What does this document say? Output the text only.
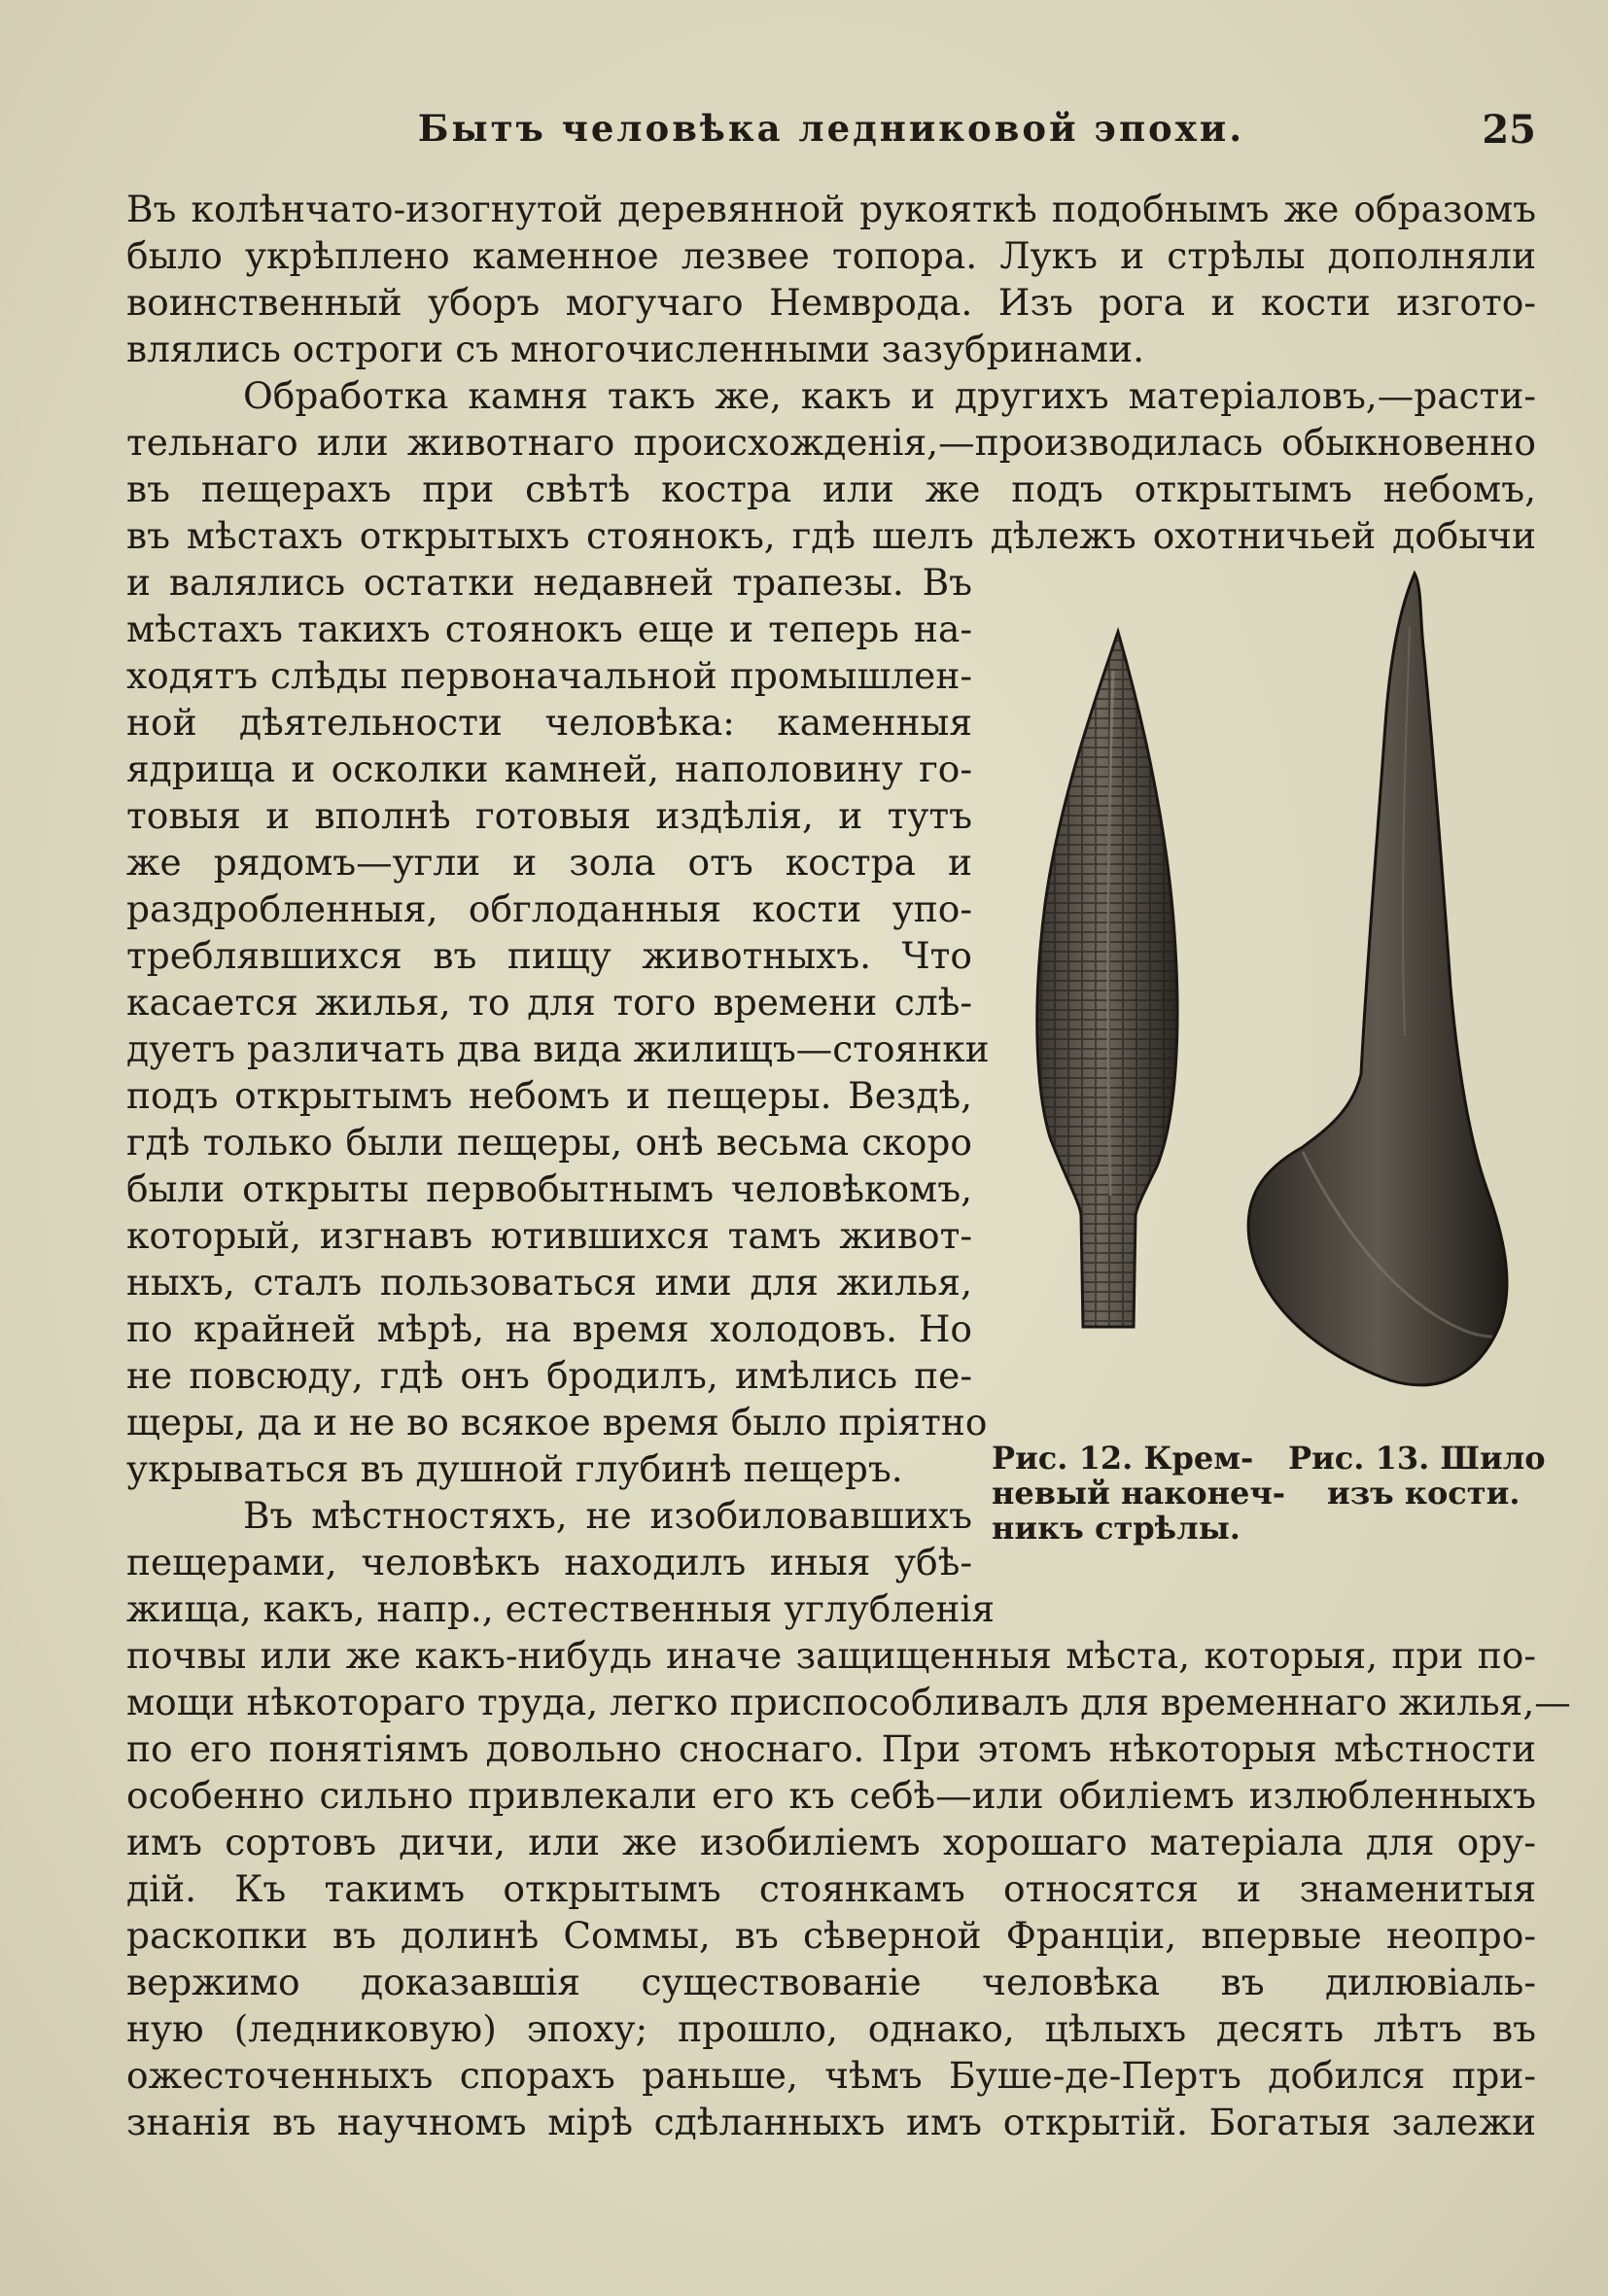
Бытъ человѣка ледниковой эпохи.	25
Въ колѣнчато-изогнутой деревянной рукояткѣ подобнымъ же образомъ
было укрѣплено каменное лезвее топора. Лукъ и стрѣлы дополняли
воинственный уборъ могучаго Немврода. Изъ рога и кости изгото-
влялись остроги съ многочисленными зазубринами.
Обработка камня такъ же, какъ и другихъ матеріаловъ,—расти-
тельнаго или животнаго происхожденія,—производилась обыкновенно
въ пещерахъ при свѣтѣ костра или же подъ открытымъ небомъ,
въ мѣстахъ открытыхъ стоянокъ, гдѣ шелъ дѣлежъ охотничьей добычи
и валялись остатки недавней трапезы. Въ
мѣстахъ такихъ стоянокъ еще и теперь на-
ходятъ слѣды первоначальной промышлен-
ной дѣятельности человѣка: каменныя
ядрища и осколки камней, наполовину го-
товыя и вполнѣ готовыя издѣлія, и тутъ
же рядомъ—угли и зола отъ костра и
раздробленныя, обглоданныя кости упо-
треблявшихся въ пищу животныхъ. Что
касается жилья, то для того времени слѣ-
дуетъ различать два вида жилищъ—стоянки
подъ открытымъ небомъ и пещеры. Вездѣ,
гдѣ только были пещеры, онѣ весьма скоро
были открыты первобытнымъ человѣкомъ,
который, изгнавъ ютившихся тамъ живот-
ныхъ, сталъ пользоваться ими для жилья,
по крайней мѣрѣ, на время холодовъ. Но
не повсюду, гдѣ онъ бродилъ, имѣлись пе-
щеры, да и не во всякое время было пріятно
укрываться въ душной глубинѣ пещеръ.
Въ мѣстностяхъ, не изобиловавшихъ
пещерами, человѣкъ находилъ иныя убѣ-
жища, какъ, напр., естественныя углубленія
почвы или же какъ-нибудь иначе защищенныя мѣста, которыя, при по-
мощи нѣкотораго труда, легко приспособливалъ для временнаго жилья,—
по его понятіямъ довольно сноснаго. При этомъ нѣкоторыя мѣстности
особенно сильно привлекали его къ себѣ—или обиліемъ излюбленныхъ
имъ сортовъ дичи, или же изобиліемъ хорошаго матеріала для ору-
дій. Къ такимъ открытымъ стоянкамъ относятся и знаменитыя
раскопки въ долинѣ Соммы, въ сѣверной Франціи, впервые неопро-
вержимо доказавшія существованіе человѣка въ дилювіаль-
ную (ледниковую) эпоху; прошло, однако, цѣлыхъ десять лѣтъ въ
ожесточенныхъ спорахъ раньше, чѣмъ Буше-де-Пертъ добился при-
знанія въ научномъ мірѣ сдѣланныхъ имъ открытій. Богатыя залежи
Рис. 12. Крем-
невый наконеч-
никъ стрѣлы.
Рис. 13. Шило
изъ кости.
